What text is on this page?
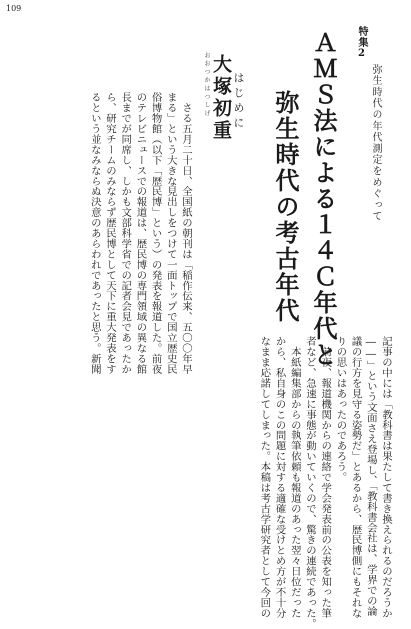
109
特集2
弥生時代の年代測定をめぐって
ＡＭＳ法による１４Ｃ年代と
弥生時代の考古年代
おおつかはつしげ 大塚初重 はじめに

　さる五月二十日、全国紙の朝刊は「稲作伝来、五〇〇年早

まる」という大きな見出しをつけて一面トップで国立歴史民

俗博物館（以下「歴民博」という）の発表を報道した。前夜

のテレビニュースでの報道は、歴民博の専門領域の異なる館

長までが同席し、しかも文部科学省での記者会見であったか

ら、研究チームのみならず歴民博として天下に重大発表をす

るという並なみならぬ決意のあらわれであったと思う。新聞

記事の中には「教科書は果たして書き換えられるのだろうか

――」という文面さえ登場し、「教科書会社は、学界での論

議の行方を見守る姿勢だ」とあるから、歴民博側にもそれな

りの思いはあったのであろう。

　前夜、報道機関からの連絡で学会発表前の公表を知った筆

者など、急速に事態が動いていくので、驚きの連続であった。

　本紙編集部からの執筆依頼も報道のあった翌々日位だった

から、私自身のこの問題に対する適確な受けとめ方が不十分

なまま応諾してしまった。本稿は考古学研究者として今回の
